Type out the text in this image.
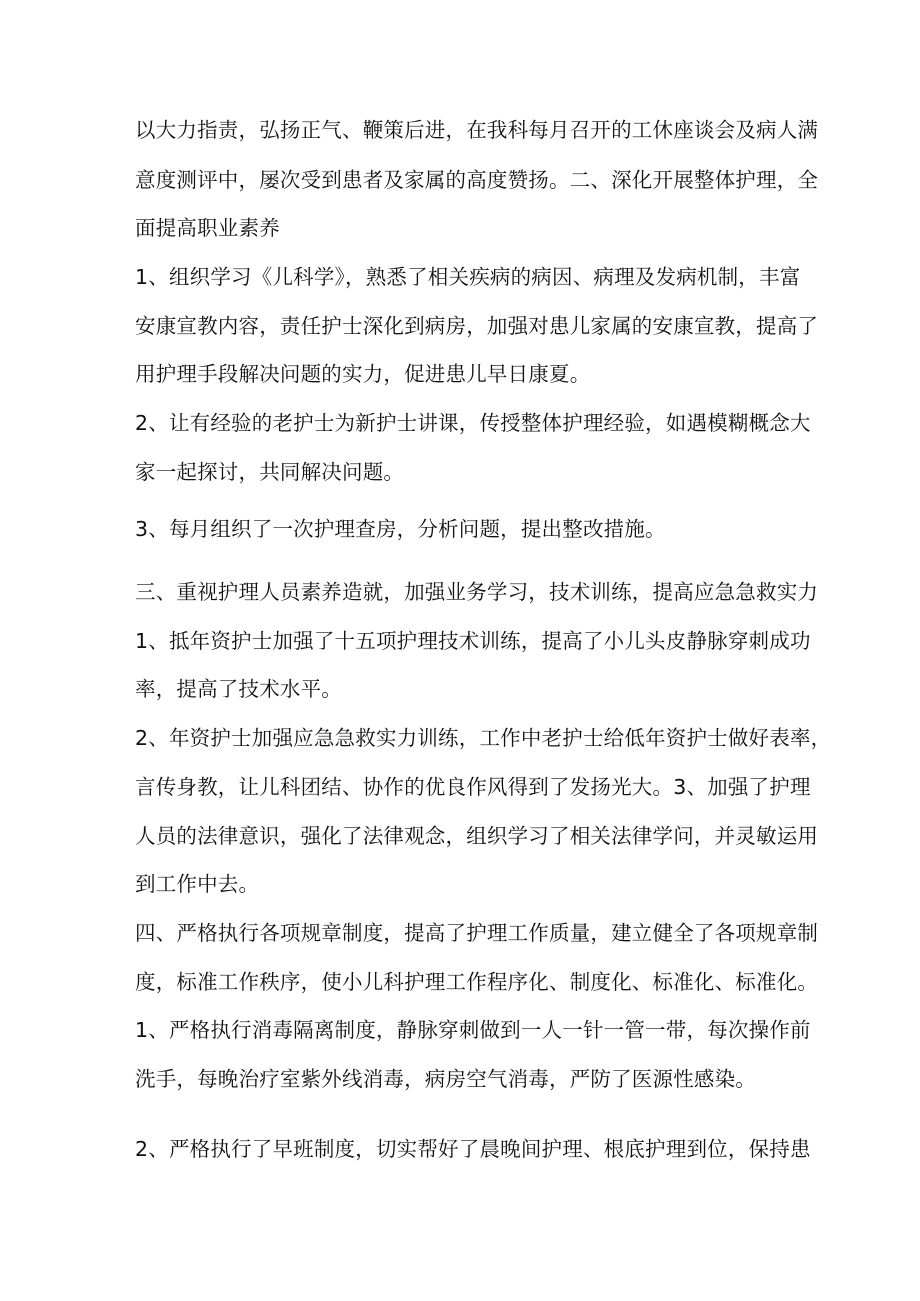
以大力指责，弘扬正气、鞭策后进，在我科每月召开的工休座谈会及病人满
意度测评中，屡次受到患者及家属的高度赞扬。二、深化开展整体护理，全
面提高职业素养
1、组织学习《儿科学》，熟悉了相关疾病的病因、病理及发病机制，丰富
安康宣教内容，责任护士深化到病房，加强对患儿家属的安康宣教，提高了
用护理手段解决问题的实力，促进患儿早日康夏。
2、让有经验的老护士为新护士讲课，传授整体护理经验，如遇模糊概念大
家一起探讨，共同解决问题。
3、每月组织了一次护理查房，分析问题，提出整改措施。
三、重视护理人员素养造就，加强业务学习，技术训练，提高应急急救实力
1、抵年资护士加强了十五项护理技术训练，提高了小儿头皮静脉穿刺成功
率，提高了技术水平。
2、年资护士加强应急急救实力训练，工作中老护士给低年资护士做好表率，
言传身教，让儿科团结、协作的优良作风得到了发扬光大。3、加强了护理
人员的法律意识，强化了法律观念，组织学习了相关法律学问，并灵敏运用
到工作中去。
四、严格执行各项规章制度，提高了护理工作质量，建立健全了各项规章制
度，标准工作秩序，使小儿科护理工作程序化、制度化、标准化、标准化。
1、严格执行消毒隔离制度，静脉穿刺做到一人一针一管一带，每次操作前
洗手，每晚治疗室紫外线消毒，病房空气消毒，严防了医源性感染。
2、严格执行了早班制度，切实帮好了晨晚间护理、根底护理到位，保持患
